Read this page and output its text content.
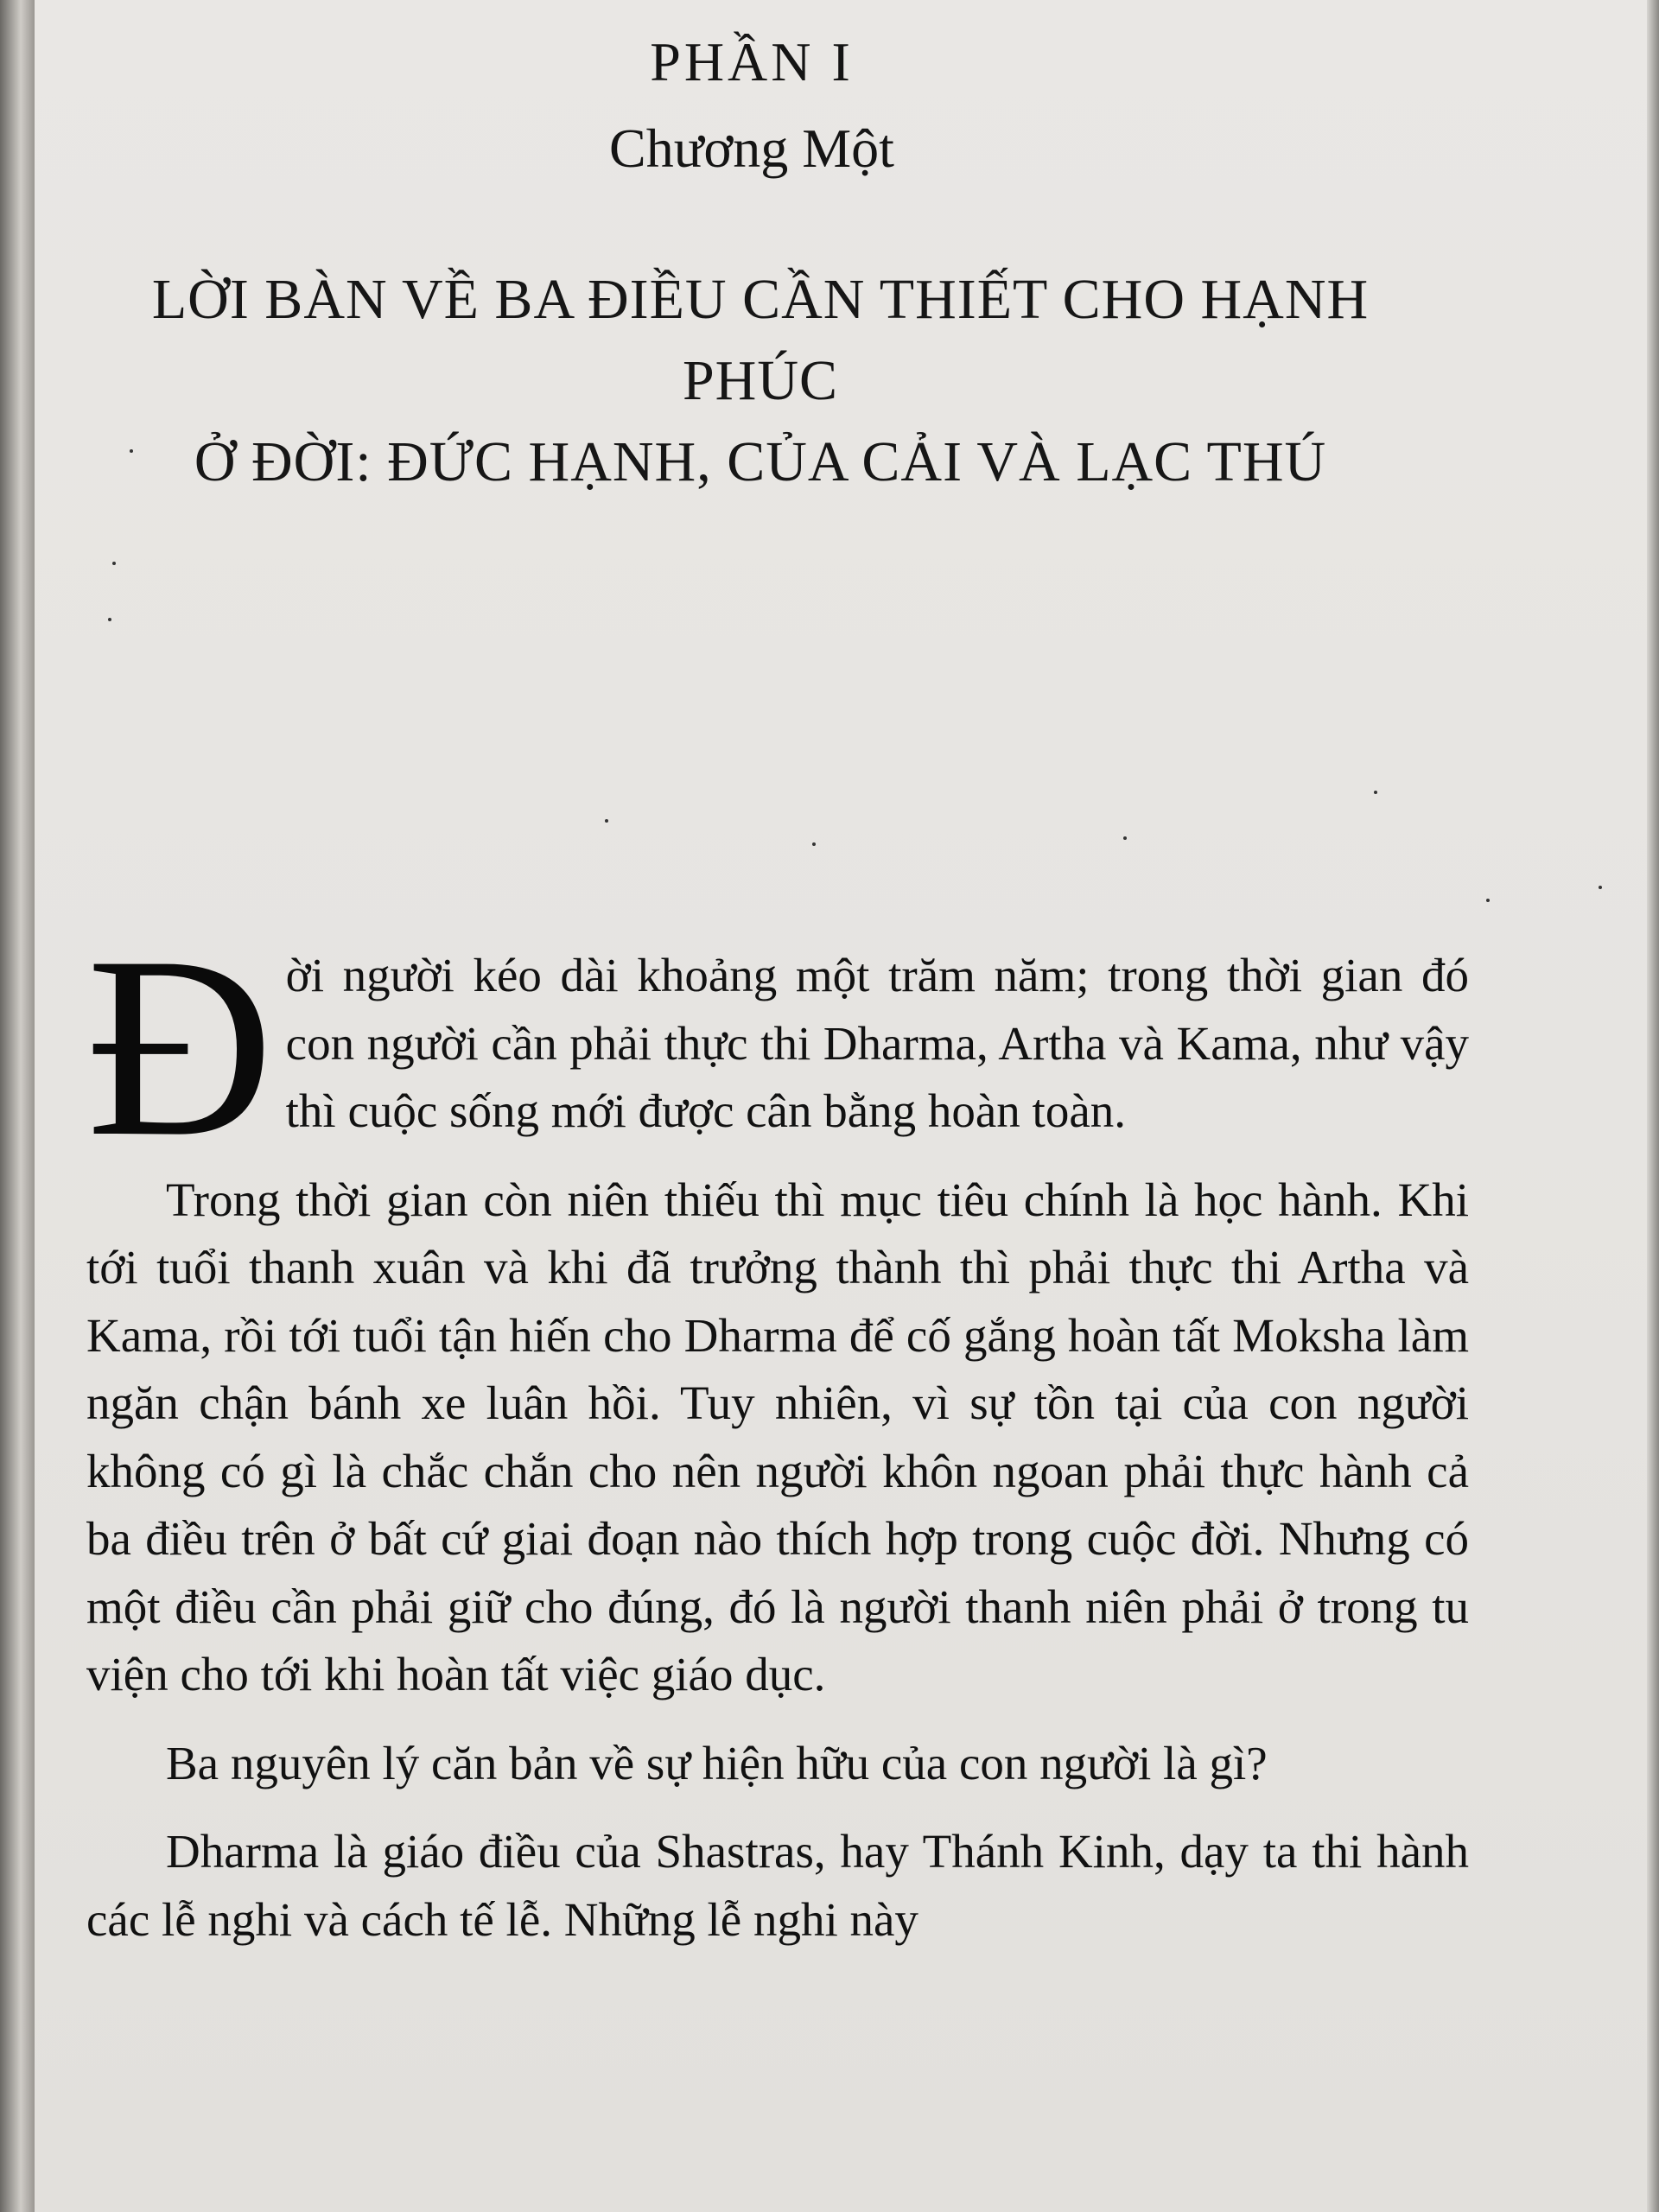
PHẦN I
Chương Một
LỜI BÀN VỀ BA ĐIỀU CẦN THIẾT CHO HẠNH PHÚC
Ở ĐỜI: ĐỨC HẠNH, CỦA CẢI VÀ LẠC THÚ

Đời người kéo dài khoảng một trăm năm; trong thời gian đó con người cần phải thực thi Dharma, Artha và Kama, như vậy thì cuộc sống mới được cân bằng hoàn toàn.

Trong thời gian còn niên thiếu thì mục tiêu chính là học hành. Khi tới tuổi thanh xuân và khi đã trưởng thành thì phải thực thi Artha và Kama, rồi tới tuổi tận hiến cho Dharma để cố gắng hoàn tất Moksha làm ngăn chận bánh xe luân hồi. Tuy nhiên, vì sự tồn tại của con người không có gì là chắc chắn cho nên người khôn ngoan phải thực hành cả ba điều trên ở bất cứ giai đoạn nào thích hợp trong cuộc đời. Nhưng có một điều cần phải giữ cho đúng, đó là người thanh niên phải ở trong tu viện cho tới khi hoàn tất việc giáo dục.

Ba nguyên lý căn bản về sự hiện hữu của con người là gì?

Dharma là giáo điều của Shastras, hay Thánh Kinh, dạy ta thi hành các lễ nghi và cách tế lễ. Những lễ nghi này
